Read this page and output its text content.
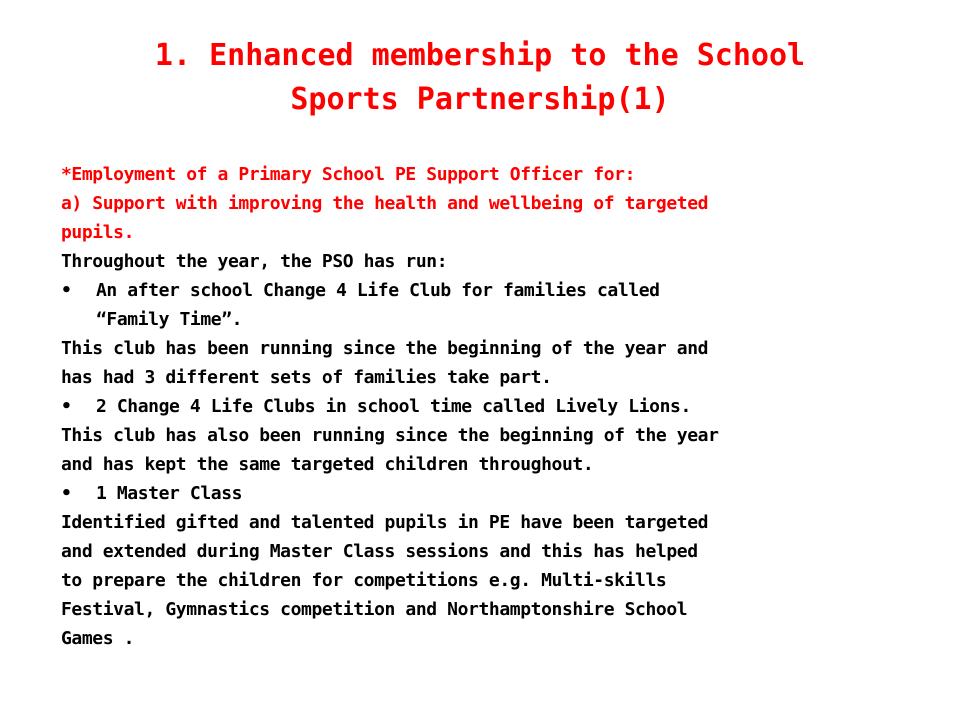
1. Enhanced membership to the School
Sports Partnership(1)
*Employment of a Primary School PE Support Officer for:
a) Support with improving the health and wellbeing of targeted
pupils.
Throughout the year, the PSO has run:
• An after school Change 4 Life Club for families called
“Family Time”.
This club has been running since the beginning of the year and
has had 3 different sets of families take part.
• 2 Change 4 Life Clubs in school time called Lively Lions.
This club has also been running since the beginning of the year
and has kept the same targeted children throughout.
• 1 Master Class
Identified gifted and talented pupils in PE have been targeted
and extended during Master Class sessions and this has helped
to prepare the children for competitions e.g. Multi-skills
Festival, Gymnastics competition and Northamptonshire School
Games .
